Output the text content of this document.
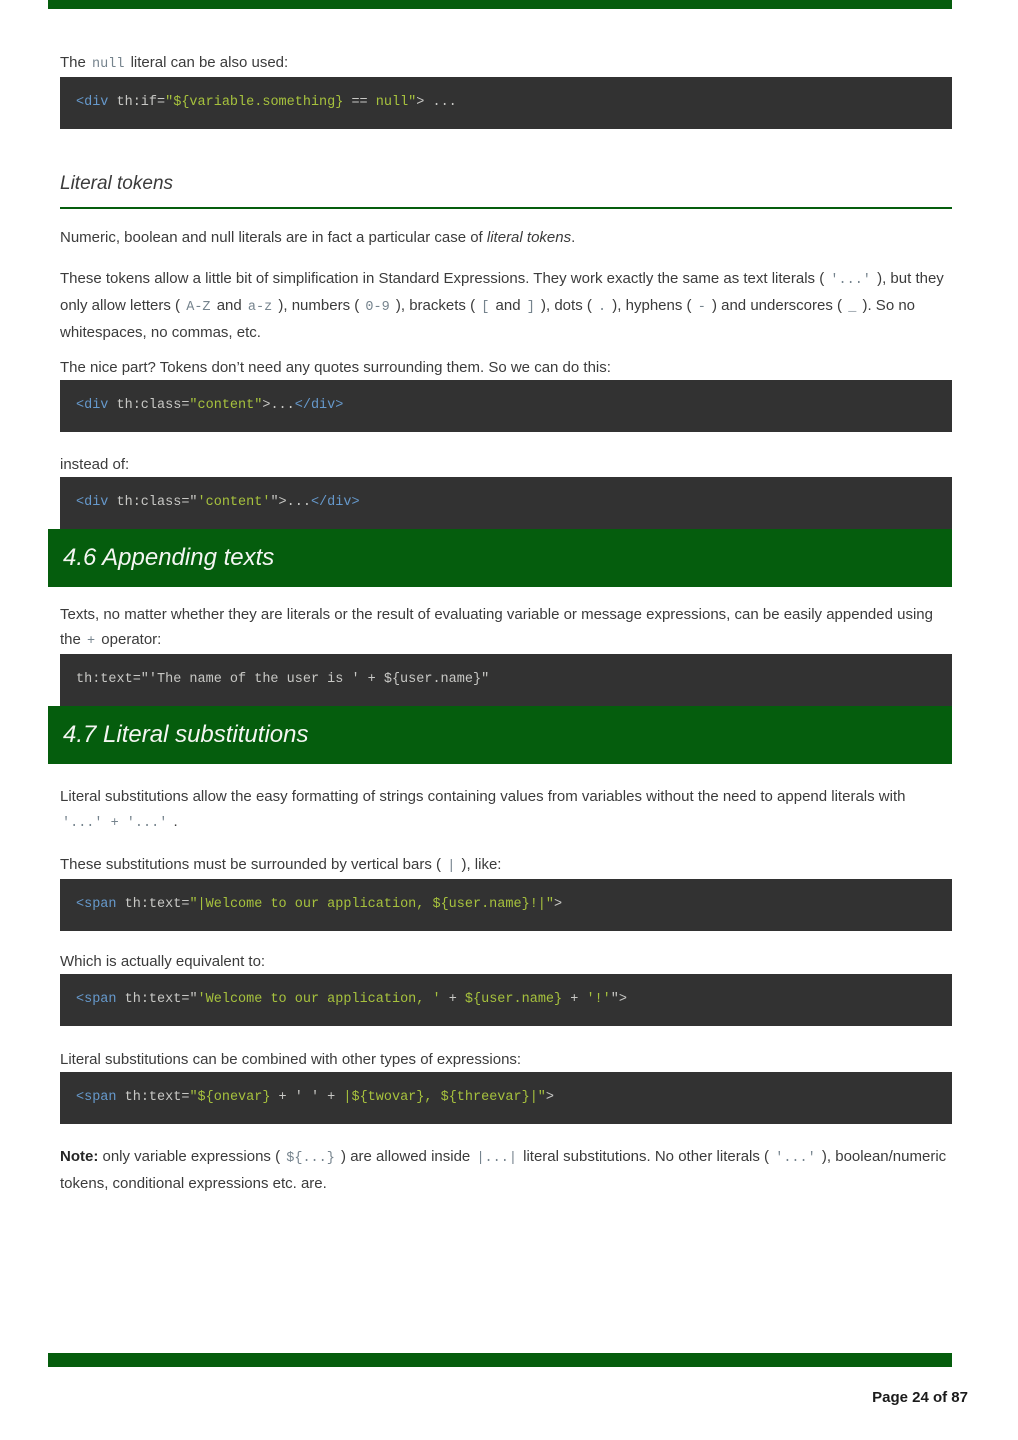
The null literal can be also used:

<div th:if="${variable.something} == null"> ...
Literal tokens

Numeric, boolean and null literals are in fact a particular case of literal tokens.

These tokens allow a little bit of simplification in Standard Expressions. They work exactly the same as text literals ( '...' ), but they only allow letters ( A-Z and a-z ), numbers ( 0-9 ), brackets ( [ and ] ), dots ( . ), hyphens ( - ) and underscores ( _ ). So no whitespaces, no commas, etc.

The nice part? Tokens don’t need any quotes surrounding them. So we can do this:

<div th:class="content">...</div>

instead of:

<div th:class="'content'">...</div>
4.6 Appending texts

Texts, no matter whether they are literals or the result of evaluating variable or message expressions, can be easily appended using the + operator:

th:text="'The name of the user is ' + ${user.name}"
4.7 Literal substitutions

Literal substitutions allow the easy formatting of strings containing values from variables without the need to append literals with '...' + '...' .

These substitutions must be surrounded by vertical bars ( | ), like:

<span th:text="|Welcome to our application, ${user.name}!|">

Which is actually equivalent to:

<span th:text="'Welcome to our application, ' + ${user.name} + '!'">

Literal substitutions can be combined with other types of expressions:

<span th:text="${onevar} + ' ' + |${twovar}, ${threevar}|">

Note: only variable expressions ( ${...} ) are allowed inside |...| literal substitutions. No other literals ( '...' ), boolean/numeric tokens, conditional expressions etc. are.

Page 24 of 87
